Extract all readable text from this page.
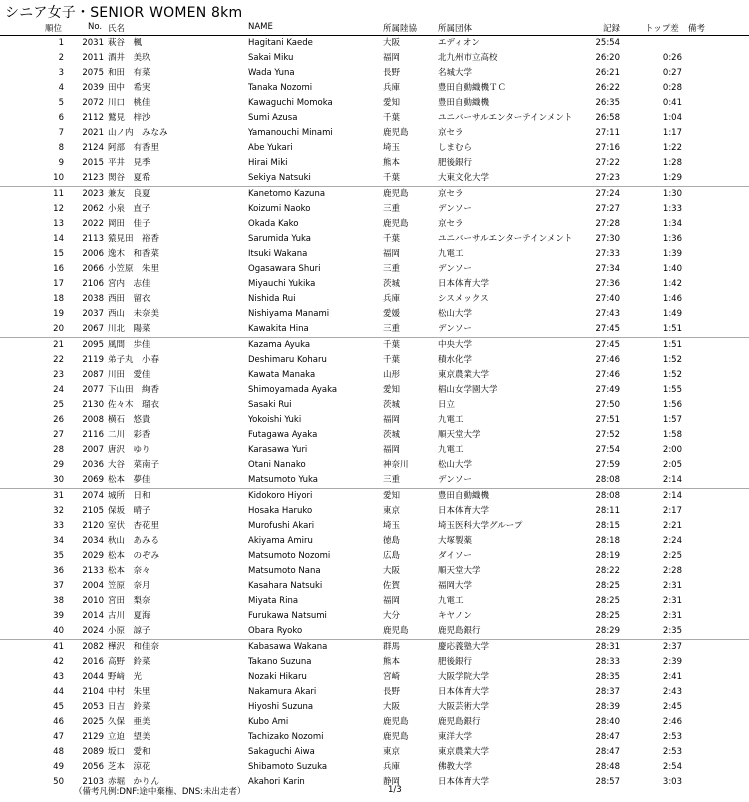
シニア女子・SENIOR WOMEN 8km
順位	No. 氏名	NAME	所属陸協 所属団体	記録	トップ差 備考
1	2031 萩谷　楓	Hagitani Kaede	大阪	エディオン	25:54
2	2011 酒井　美玖	Sakai Miku	福岡	北九州市立高校	26:20	0:26
3	2075 和田　有菜	Wada Yuna	長野	名城大学	26:21	0:27
4	2039 田中　希実	Tanaka Nozomi	兵庫	豊田自動織機ＴＣ	26:22	0:28
5	2072 川口　桃佳	Kawaguchi Momoka	愛知	豊田自動織機	26:35	0:41
6	2112 鷲見　梓沙	Sumi Azusa	千葉	ユニバーサルエンターテインメント	26:58	1:04
7	2021 山ノ内　みなみ	Yamanouchi Minami	鹿児島	京セラ	27:11	1:17
8	2124 阿部　有香里	Abe Yukari	埼玉	しまむら	27:16	1:22
9	2015 平井　見季	Hirai Miki	熊本	肥後銀行	27:22	1:28
10	2123 関谷　夏希	Sekiya Natsuki	千葉	大東文化大学	27:23	1:29
11	2023 兼友　良夏	Kanetomo Kazuna	鹿児島	京セラ	27:24	1:30
12	2062 小泉　直子	Koizumi Naoko	三重	デンソー	27:27	1:33
13	2022 岡田　佳子	Okada Kako	鹿児島	京セラ	27:28	1:34
14	2113 猿見田　裕香	Sarumida Yuka	千葉	ユニバーサルエンターテインメント	27:30	1:36
15	2006 逸木　和香菜	Itsuki Wakana	福岡	九電工	27:33	1:39
16	2066 小笠原　朱里	Ogasawara Shuri	三重	デンソー	27:34	1:40
17	2106 宮内　志佳	Miyauchi Yukika	茨城	日本体育大学	27:36	1:42
18	2038 西田　留衣	Nishida Rui	兵庫	シスメックス	27:40	1:46
19	2037 西山　未奈美	Nishiyama Manami	愛媛	松山大学	27:43	1:49
20	2067 川北　陽菜	Kawakita Hina	三重	デンソー	27:45	1:51
21	2095 風間　歩佳	Kazama Ayuka	千葉	中央大学	27:45	1:51
22	2119 弟子丸　小春	Deshimaru Koharu	千葉	積水化学	27:46	1:52
23	2087 川田　愛佳	Kawata Manaka	山形	東京農業大学	27:46	1:52
24	2077 下山田　絢香	Shimoyamada Ayaka	愛知	椙山女学園大学	27:49	1:55
25	2130 佐々木　瑠衣	Sasaki Rui	茨城	日立	27:50	1:56
26	2008 横石　悠貴	Yokoishi Yuki	福岡	九電工	27:51	1:57
27	2116 二川　彩香	Futagawa Ayaka	茨城	順天堂大学	27:52	1:58
28	2007 唐沢　ゆり	Karasawa Yuri	福岡	九電工	27:54	2:00
29	2036 大谷　菜南子	Otani Nanako	神奈川	松山大学	27:59	2:05
30	2069 松本　夢佳	Matsumoto Yuka	三重	デンソー	28:08	2:14
31	2074 城所　日和	Kidokoro Hiyori	愛知	豊田自動織機	28:08	2:14
32	2105 保坂　晴子	Hosaka Haruko	東京	日本体育大学	28:11	2:17
33	2120 室伏　杏花里	Murofushi Akari	埼玉	埼玉医科大学グループ	28:15	2:21
34	2034 秋山　あみる	Akiyama Amiru	徳島	大塚製薬	28:18	2:24
35	2029 松本　のぞみ	Matsumoto Nozomi	広島	ダイソー	28:19	2:25
36	2133 松本　奈々	Matsumoto Nana	大阪	順天堂大学	28:22	2:28
37	2004 笠原　奈月	Kasahara Natsuki	佐賀	福岡大学	28:25	2:31
38	2010 宮田　梨奈	Miyata Rina	福岡	九電工	28:25	2:31
39	2014 古川　夏海	Furukawa Natsumi	大分	キヤノン	28:25	2:31
40	2024 小原　諒子	Obara Ryoko	鹿児島	鹿児島銀行	28:29	2:35
41	2082 樺沢　和佳奈	Kabasawa Wakana	群馬	慶応義塾大学	28:31	2:37
42	2016 高野　鈴菜	Takano Suzuna	熊本	肥後銀行	28:33	2:39
43	2044 野﨑　光	Nozaki Hikaru	宮崎	大阪学院大学	28:35	2:41
44	2104 中村　朱里	Nakamura Akari	長野	日本体育大学	28:37	2:43
45	2053 日吉　鈴菜	Hiyoshi Suzuna	大阪	大阪芸術大学	28:39	2:45
46	2025 久保　亜美	Kubo Ami	鹿児島	鹿児島銀行	28:40	2:46
47	2129 立迫　望美	Tachizako Nozomi	鹿児島	東洋大学	28:47	2:53
48	2089 坂口　愛和	Sakaguchi Aiwa	東京	東京農業大学	28:47	2:53
49	2056 芝本　涼花	Shibamoto Suzuka	兵庫	佛教大学	28:48	2:54
50	2103 赤堀　かりん	Akahori Karin	静岡	日本体育大学	28:57	3:03
（備考凡例:DNF:途中棄権、DNS:未出走者）	1/3
